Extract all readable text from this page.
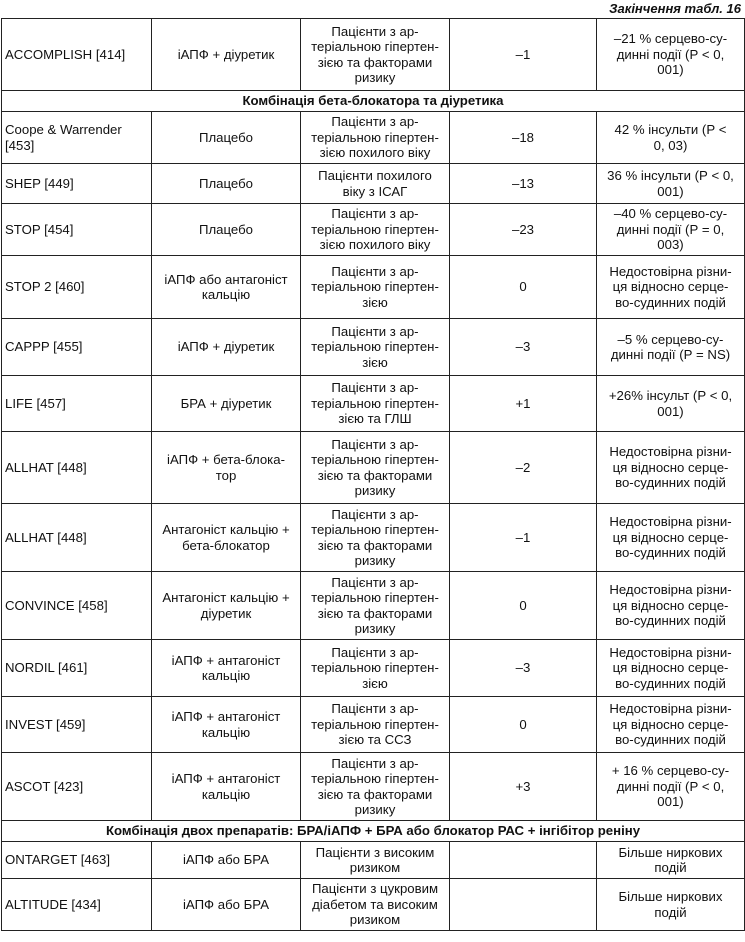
Закінчення табл. 16
ACCOMPLISH [414]	іАПФ + діуретик	Пацієнти з ар-
теріальною гіпертен-
зією та факторами
ризику	–1	–21 % серцево-су-
динні події (Р < 0,
001)
Комбінація бета-блокатора та діуретика				
Coope & Warrender
[453]	Плацебо	Пацієнти з ар-
теріальною гіпертен-
зією похилого віку	–18	42 % інсульти (Р <
0, 03)
SHEP [449]	Плацебо	Пацієнти похилого
віку з ІСАГ	–13	36 % інсульти (Р < 0,
001)
STOP [454]	Плацебо	Пацієнти з ар-
теріальною гіпертен-
зією похилого віку	–23	–40 % серцево-су-
динні події (Р = 0,
003)
STOP 2 [460]	іАПФ або антагоніст
кальцію	Пацієнти з ар-
теріальною гіпертен-
зією	0	Недостовірна різни-
ця відносно серце-
во-судинних подій
CAPPP [455]	іАПФ + діуретик	Пацієнти з ар-
теріальною гіпертен-
зією	–3	–5 % серцево-су-
динні події (Р = NS)
LIFE [457]	БРА + діуретик	Пацієнти з ар-
теріальною гіпертен-
зією та ГЛШ	+1	+26% інсульт (Р < 0,
001)
ALLHAT [448]	іАПФ + бета-блока-
тор	Пацієнти з ар-
теріальною гіпертен-
зією та факторами
ризику	–2	Недостовірна різни-
ця відносно серце-
во-судинних подій
ALLHAT [448]	Антагоніст кальцію +
бета-блокатор	Пацієнти з ар-
теріальною гіпертен-
зією та факторами
ризику	–1	Недостовірна різни-
ця відносно серце-
во-судинних подій
CONVINCE [458]	Антагоніст кальцію +
діуретик	Пацієнти з ар-
теріальною гіпертен-
зією та факторами
ризику	0	Недостовірна різни-
ця відносно серце-
во-судинних подій
NORDIL [461]	іАПФ + антагоніст
кальцію	Пацієнти з ар-
теріальною гіпертен-
зією	–3	Недостовірна різни-
ця відносно серце-
во-судинних подій
INVEST [459]	іАПФ + антагоніст
кальцію	Пацієнти з ар-
теріальною гіпертен-
зією та ССЗ	0	Недостовірна різни-
ця відносно серце-
во-судинних подій
ASCOT [423]	іАПФ + антагоніст
кальцію	Пацієнти з ар-
теріальною гіпертен-
зією та факторами
ризику	+3	+ 16 % серцево-су-
динні події (Р < 0,
001)
Комбінація двох препаратів: БРА/іАПФ + БРА або блокатор РАС + інгібітор реніну				
ONTARGET [463]	іАПФ або БРА	Пацієнти з високим
ризиком		Більше ниркових
подій
ALTITUDE [434]	іАПФ або БРА	Пацієнти з цукровим
діабетом та високим
ризиком		Більше ниркових
подій
